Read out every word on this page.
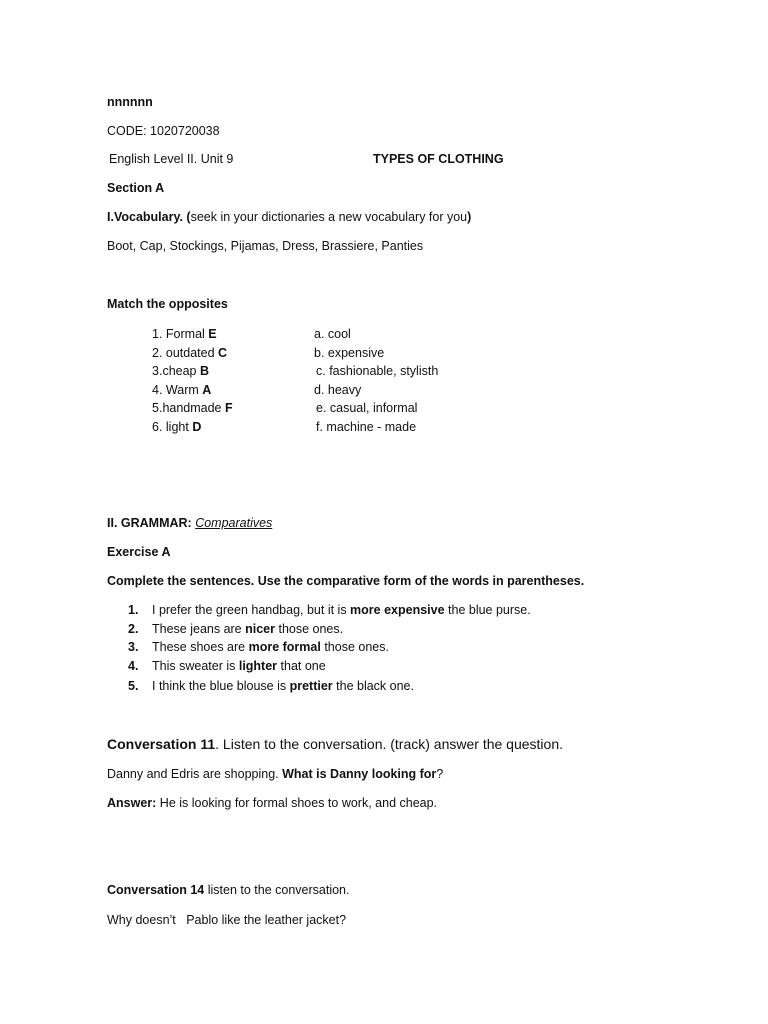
nnnnnn
CODE: 1020720038
English Level II. Unit 9	TYPES OF CLOTHING
Section A
I.Vocabulary. (seek in your dictionaries a new vocabulary for you)
Boot, Cap, Stockings, Pijamas, Dress, Brassiere, Panties
Match the opposites
1. Formal E
2. outdated C
3.cheap B
4. Warm A
5.handmade F
6. light D
a. cool
b. expensive
c. fashionable, stylisth
d. heavy
e. casual, informal
f. machine - made
II. GRAMMAR: Comparatives
Exercise A
Complete the sentences. Use the comparative form of the words in parentheses.
1. I prefer the green handbag, but it is more expensive the blue purse.
2. These jeans are nicer those ones.
3. These shoes are more formal those ones.
4. This sweater is lighter that one
5. I think the blue blouse is prettier the black one.
Conversation 11. Listen to the conversation. (track) answer the question.
Danny and Edris are shopping. What is Danny looking for?
Answer: He is looking for formal shoes to work, and cheap.
Conversation 14 listen to the conversation.
Why doesn’t   Pablo like the leather jacket?
